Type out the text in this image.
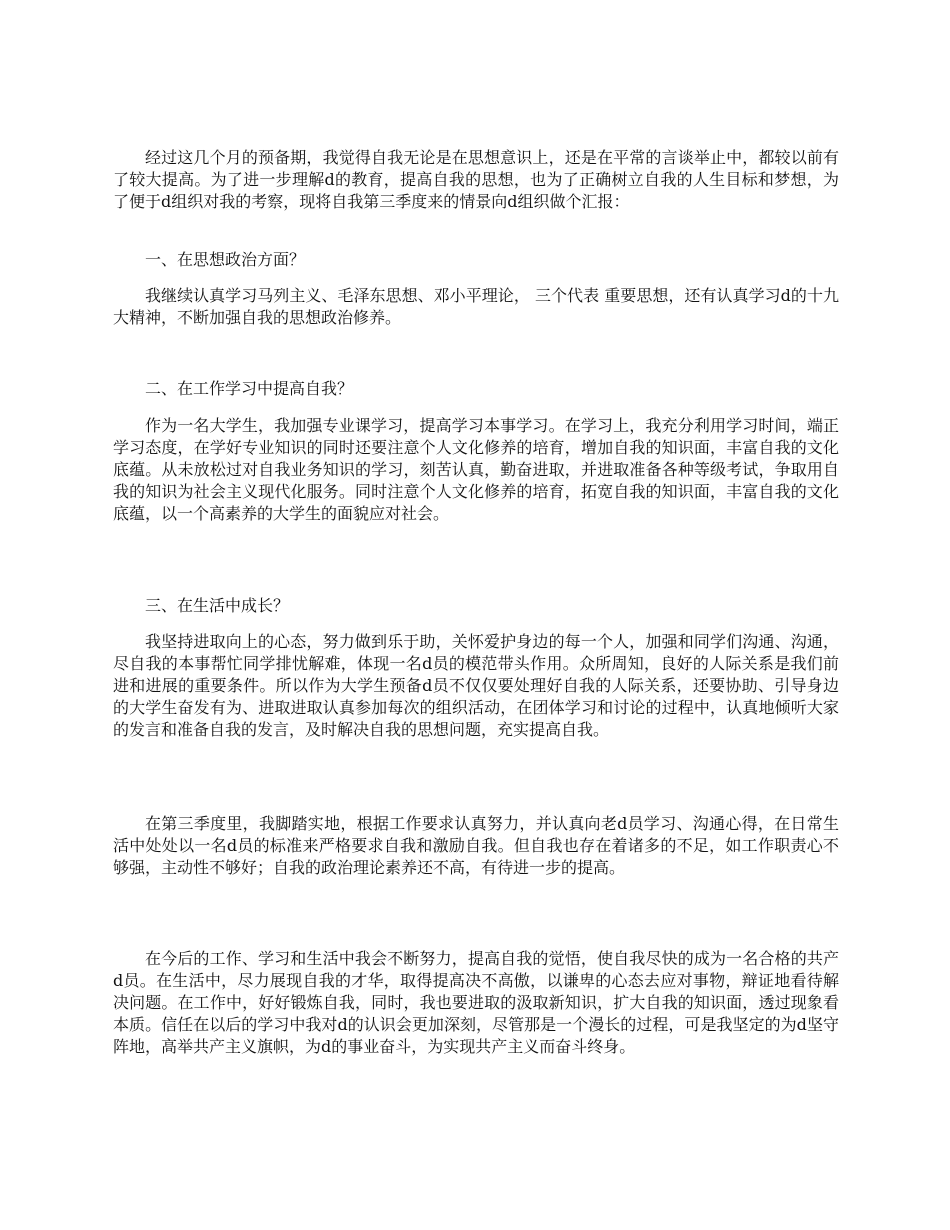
经过这几个月的预备期，我觉得自我无论是在思想意识上，还是在平常的言谈举止中，都较以前有了较大提高。为了进一步理解d的教育，提高自我的思想，也为了正确树立自我的人生目标和梦想，为了便于d组织对我的考察，现将自我第三季度来的情景向d组织做个汇报：

一、在思想政治方面？

我继续认真学习马列主义、毛泽东思想、邓小平理论， 三个代表 重要思想，还有认真学习d的十九大精神，不断加强自我的思想政治修养。

二、在工作学习中提高自我？

作为一名大学生，我加强专业课学习，提高学习本事学习。在学习上，我充分利用学习时间，端正学习态度，在学好专业知识的同时还要注意个人文化修养的培育，增加自我的知识面，丰富自我的文化底蕴。从未放松过对自我业务知识的学习，刻苦认真，勤奋进取，并进取准备各种等级考试，争取用自我的知识为社会主义现代化服务。同时注意个人文化修养的培育，拓宽自我的知识面，丰富自我的文化底蕴，以一个高素养的大学生的面貌应对社会。

三、在生活中成长？

我坚持进取向上的心态，努力做到乐于助，关怀爱护身边的每一个人，加强和同学们沟通、沟通，尽自我的本事帮忙同学排忧解难，体现一名d员的模范带头作用。众所周知，良好的人际关系是我们前进和进展的重要条件。所以作为大学生预备d员不仅仅要处理好自我的人际关系，还要协助、引导身边的大学生奋发有为、进取进取认真参加每次的组织活动，在团体学习和讨论的过程中，认真地倾听大家的发言和准备自我的发言，及时解决自我的思想问题，充实提高自我。

在第三季度里，我脚踏实地，根据工作要求认真努力，并认真向老d员学习、沟通心得，在日常生活中处处以一名d员的标准来严格要求自我和激励自我。但自我也存在着诸多的不足，如工作职责心不够强，主动性不够好；自我的政治理论素养还不高，有待进一步的提高。

在今后的工作、学习和生活中我会不断努力，提高自我的觉悟，使自我尽快的成为一名合格的共产d员。在生活中，尽力展现自我的才华，取得提高决不高傲，以谦卑的心态去应对事物，辩证地看待解决问题。在工作中，好好锻炼自我，同时，我也要进取的汲取新知识，扩大自我的知识面，透过现象看本质。信任在以后的学习中我对d的认识会更加深刻，尽管那是一个漫长的过程，可是我坚定的为d坚守阵地，高举共产主义旗帜，为d的事业奋斗，为实现共产主义而奋斗终身。
